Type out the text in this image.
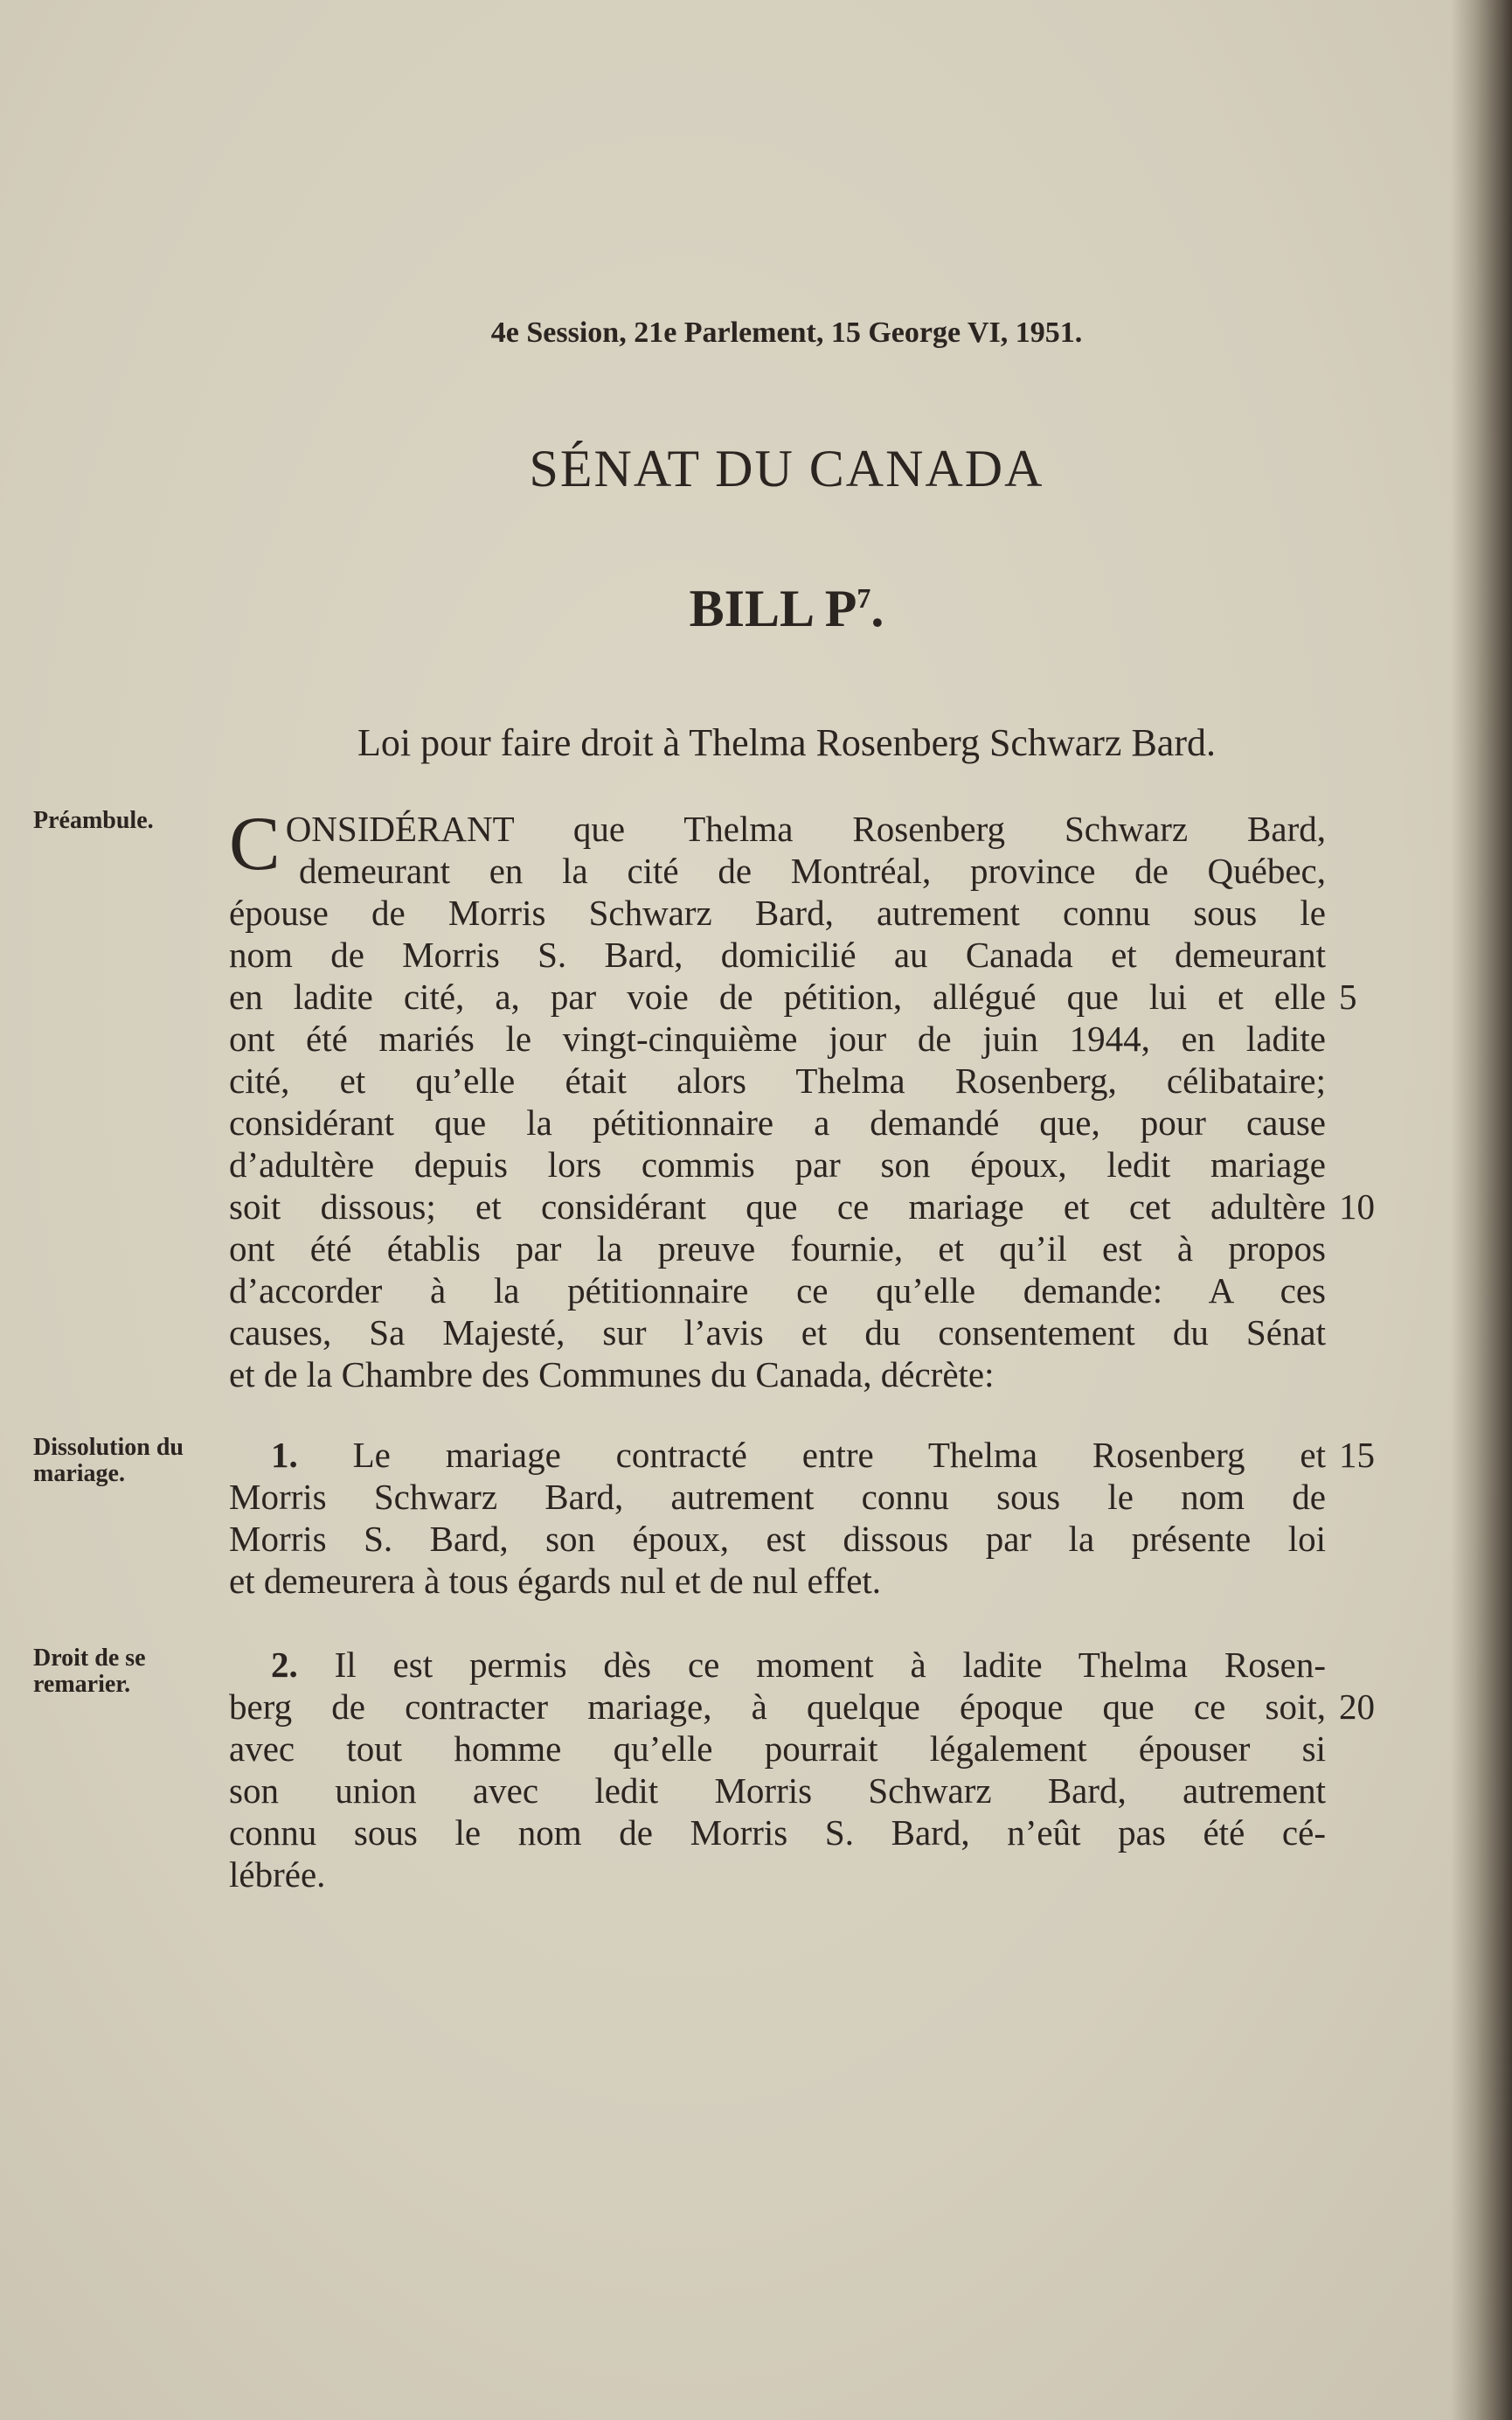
4e Session, 21e Parlement, 15 George VI, 1951.
SÉNAT DU CANADA
BILL $P^7$.
Loi pour faire droit à Thelma Rosenberg Schwarz Bard.
Préambule.
Dissolution du mariage.
Droit de se remarier.
CONSIDÉRANT que Thelma Rosenberg Schwarz Bard,
demeurant en la cité de Montréal, province de Québec,
épouse de Morris Schwarz Bard, autrement connu sous le
nom de Morris S. Bard, domicilié au Canada et demeurant
en ladite cité, a, par voie de pétition, allégué que lui et elle
ont été mariés le vingt-cinquième jour de juin 1944, en ladite
cité, et qu’elle était alors Thelma Rosenberg, célibataire;
considérant que la pétitionnaire a demandé que, pour cause
d’adultère depuis lors commis par son époux, ledit mariage
soit dissous; et considérant que ce mariage et cet adultère
ont été établis par la preuve fournie, et qu’il est à propos
d’accorder à la pétitionnaire ce qu’elle demande: A ces
causes, Sa Majesté, sur l’avis et du consentement du Sénat
et de la Chambre des Communes du Canada, décrète:
1. Le mariage contracté entre Thelma Rosenberg et
Morris Schwarz Bard, autrement connu sous le nom de
Morris S. Bard, son époux, est dissous par la présente loi
et demeurera à tous égards nul et de nul effet.
2. Il est permis dès ce moment à ladite Thelma Rosen-
berg de contracter mariage, à quelque époque que ce soit,
avec tout homme qu’elle pourrait légalement épouser si
son union avec ledit Morris Schwarz Bard, autrement
connu sous le nom de Morris S. Bard, n’eût pas été cé-
lébrée.
5
10
15
20
